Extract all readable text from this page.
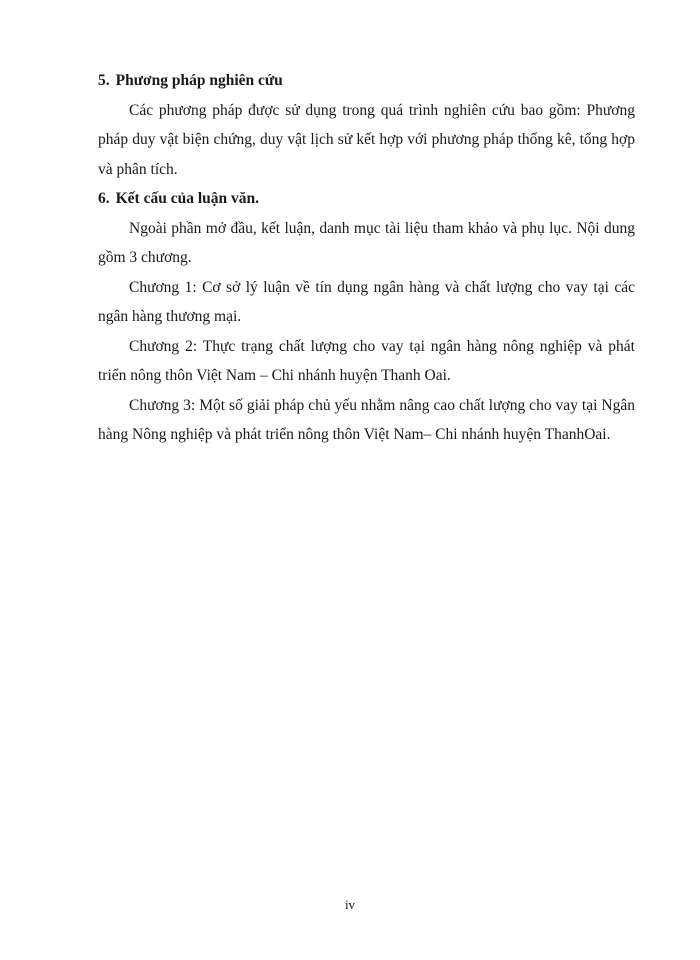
5. Phương pháp nghiên cứu

Các phương pháp được sử dụng trong quá trình nghiên cứu bao gồm: Phương pháp duy vật biện chứng, duy vật lịch sử kết hợp với phương pháp thống kê, tổng hợp và phân tích.

6. Kết cấu của luận văn.

Ngoài phần mở đầu, kết luận, danh mục tài liệu tham khảo và phụ lục. Nội dung gồm 3 chương.

Chương 1: Cơ sở lý luận về tín dụng ngân hàng và chất lượng cho vay tại các ngân hàng thương mại.

Chương 2: Thực trạng chất lượng cho vay tại ngân hàng nông nghiệp và phát triển nông thôn Việt Nam – Chi nhánh huyện Thanh Oai.

Chương 3: Một số giải pháp chủ yếu nhằm nâng cao chất lượng cho vay tại Ngân hàng Nông nghiệp và phát triển nông thôn Việt Nam– Chi nhánh huyện ThanhOai.

iv
